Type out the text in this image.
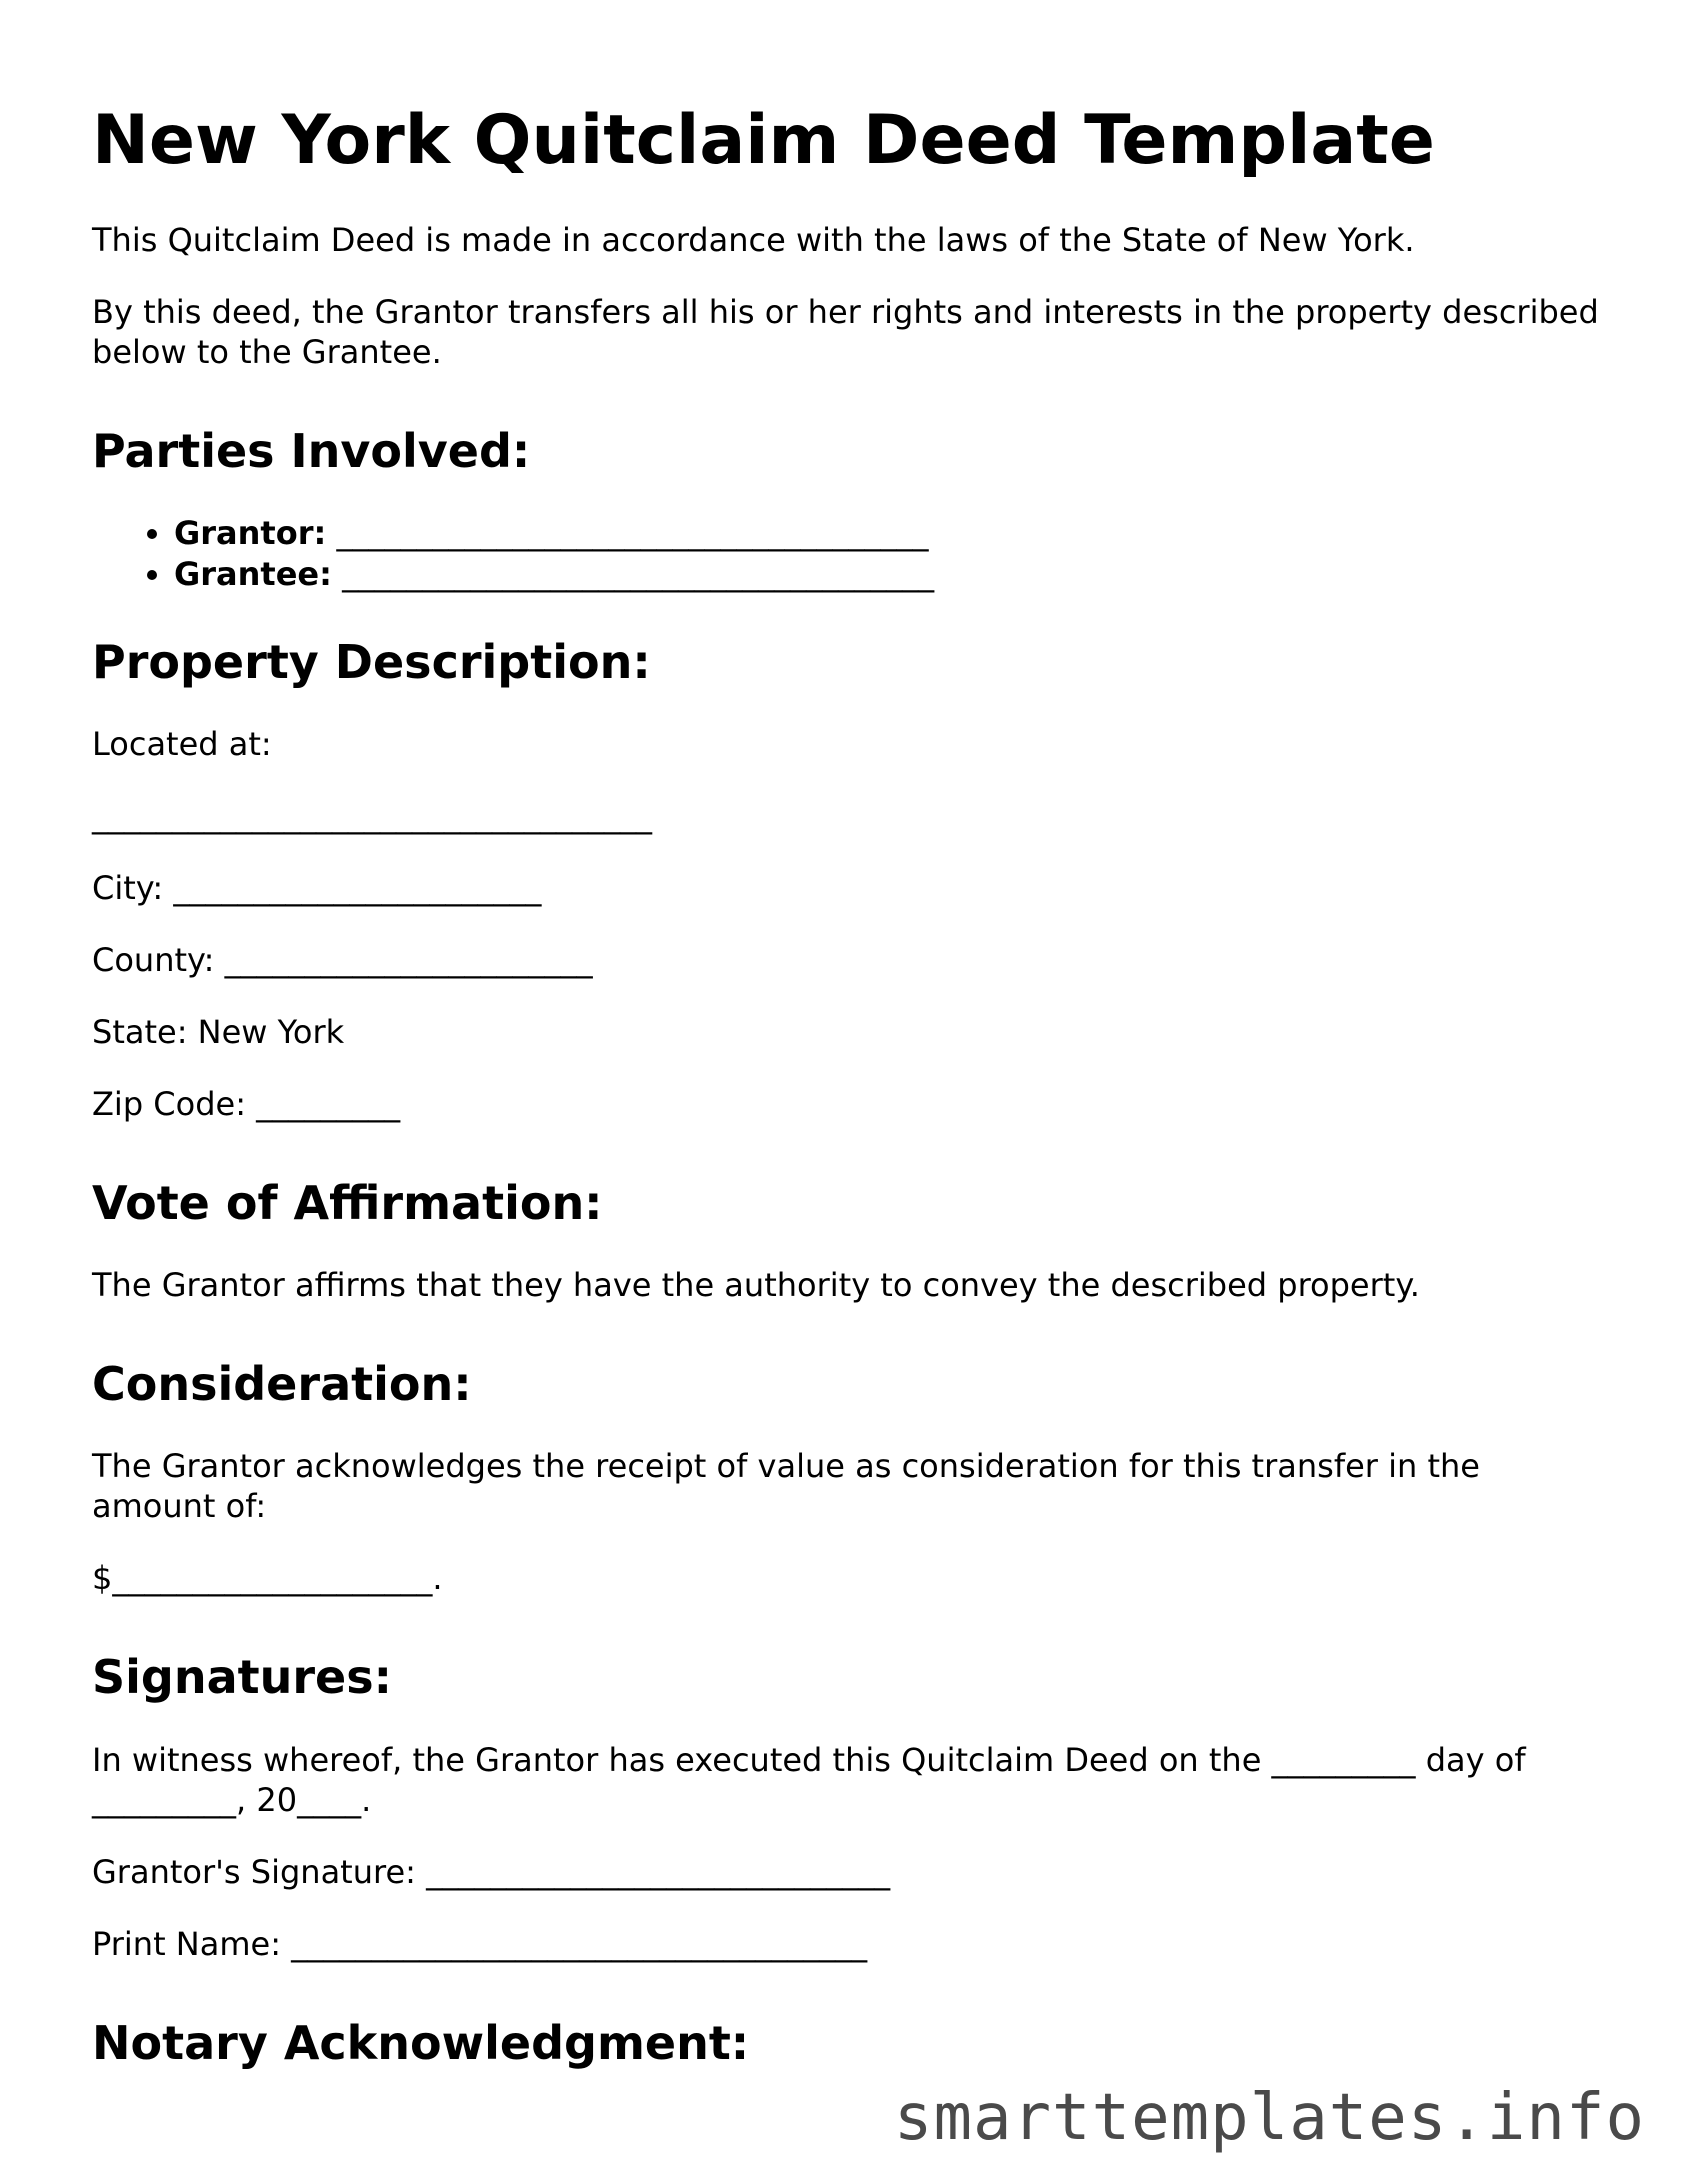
New York Quitclaim Deed Template

This Quitclaim Deed is made in accordance with the laws of the State of New York.

By this deed, the Grantor transfers all his or her rights and interests in the property described below to the Grantee.

Parties Involved:
• Grantor: _____________________________________
• Grantee: _____________________________________
Property Description:

Located at:

___________________________________

City: _______________________

County: _______________________

State: New York

Zip Code: _________

Vote of Affirmation:

The Grantor affirms that they have the authority to convey the described property.

Consideration:

The Grantor acknowledges the receipt of value as consideration for this transfer in the amount of:

$____________________.

Signatures:

In witness whereof, the Grantor has executed this Quitclaim Deed on the _________ day of _________, 20____.

Grantor's Signature: _____________________________

Print Name: ____________________________________

Notary Acknowledgment:
smarttemplates.info
